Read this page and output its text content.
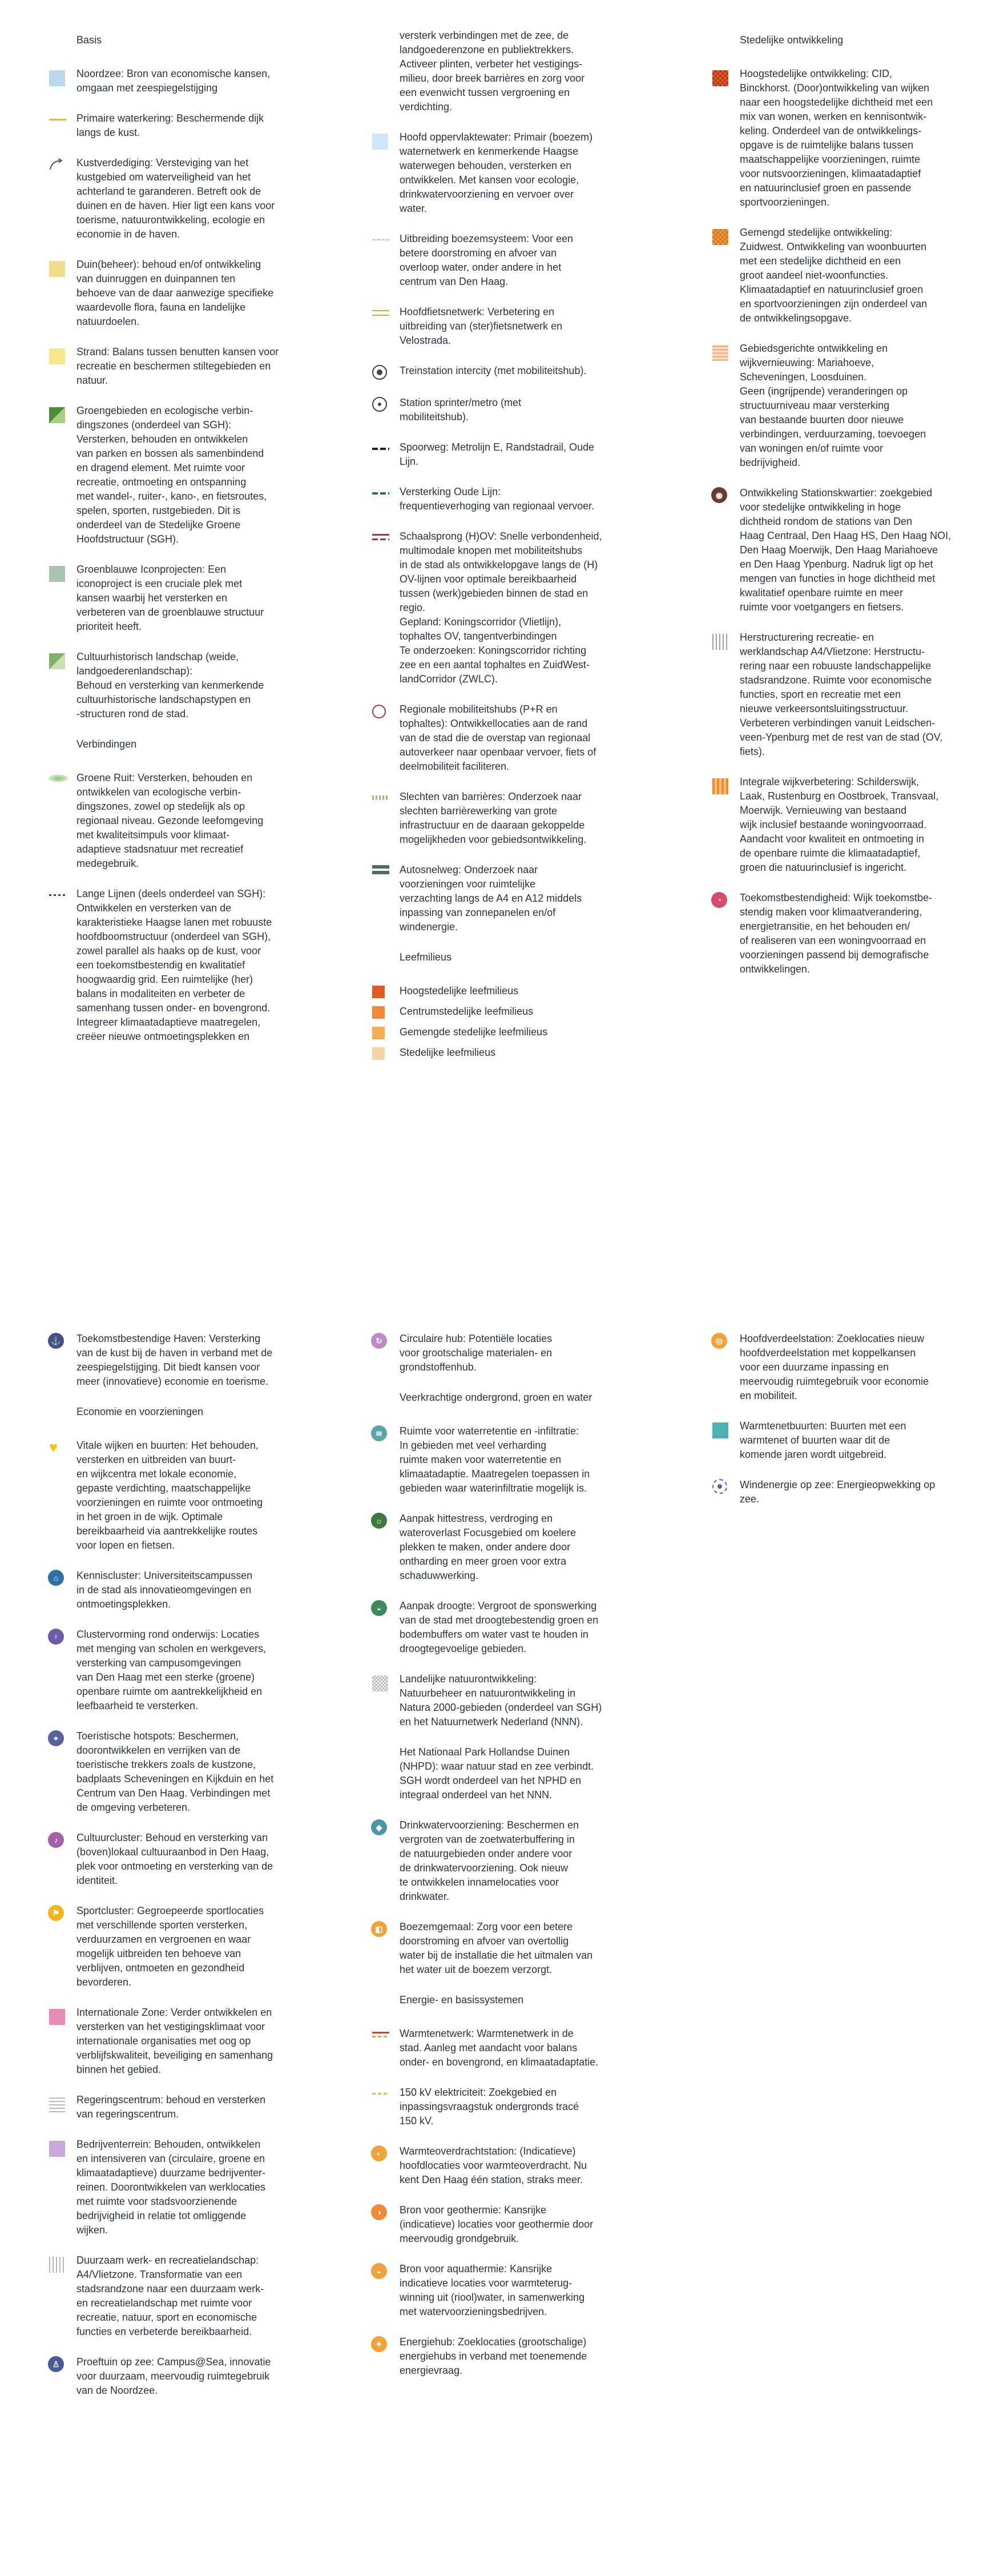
Basis
Noordzee: Bron van economische kansen,
omgaan met zeespiegelstijging
Primaire waterkering: Beschermende dijk
langs de kust.
Kustverdediging: Versteviging van het
kustgebied om waterveiligheid van het
achterland te garanderen. Betreft ook de
duinen en de haven. Hier ligt een kans voor
toerisme, natuurontwikkeling, ecologie en
economie in de haven.
Duin(beheer): behoud en/of ontwikkeling
van duinruggen en duinpannen ten
behoeve van de daar aanwezige specifieke
waardevolle flora, fauna en landelijke
natuurdoelen.
Strand: Balans tussen benutten kansen voor
recreatie en beschermen stiltegebieden en
natuur.
Groengebieden en ecologische verbin-
dingszones (onderdeel van SGH):
Versterken, behouden en ontwikkelen
van parken en bossen als samenbindend
en dragend element. Met ruimte voor
recreatie, ontmoeting en ontspanning
met wandel-, ruiter-, kano-, en fietsroutes,
spelen, sporten, rustgebieden. Dit is
onderdeel van de Stedelijke Groene
Hoofdstructuur (SGH).
Groenblauwe Iconprojecten: Een
iconoproject is een cruciale plek met
kansen waarbij het versterken en
verbeteren van de groenblauwe structuur
prioriteit heeft.
Cultuurhistorisch landschap (weide,
landgoederenlandschap):
Behoud en versterking van kenmerkende
cultuurhistorische landschapstypen en
-structuren rond de stad.
Verbindingen
Groene Ruit: Versterken, behouden en
ontwikkelen van ecologische verbin-
dingszones, zowel op stedelijk als op
regionaal niveau. Gezonde leefomgeving
met kwaliteitsimpuls voor klimaat-
adaptieve stadsnatuur met recreatief
medegebruik.
Lange Lijnen (deels onderdeel van SGH):
Ontwikkelen en versterken van de
karakteristieke Haagse lanen met robuuste
hoofdboomstructuur (onderdeel van SGH),
zowel parallel als haaks op de kust, voor
een toekomstbestendig en kwalitatief
hoogwaardig grid. Een ruimtelijke (her)
balans in modaliteiten en verbeter de
samenhang tussen onder- en bovengrond.
Integreer klimaatadaptieve maatregelen,
creëer nieuwe ontmoetingsplekken en
versterk verbindingen met de zee, de
landgoederenzone en publiektrekkers.
Activeer plinten, verbeter het vestigings-
milieu, door breek barrières en zorg voor
een evenwicht tussen vergroening en
verdichting.
Hoofd oppervlaktewater: Primair (boezem)
waternetwerk en kenmerkende Haagse
waterwegen behouden, versterken en
ontwikkelen. Met kansen voor ecologie,
drinkwatervoorziening en vervoer over
water.
Uitbreiding boezemsysteem: Voor een
betere doorstroming en afvoer van
overloop water, onder andere in het
centrum van Den Haag.
Hoofdfietsnetwerk: Verbetering en
uitbreiding van (ster)fietsnetwerk en
Velostrada.
Treinstation intercity (met mobiliteitshub).
Station sprinter/metro (met
mobiliteitshub).
Spoorweg: Metrolijn E, Randstadrail, Oude
Lijn.
Versterking Oude Lijn:
frequentieverhoging van regionaal vervoer.
Schaalsprong (H)OV: Snelle verbondenheid,
multimodale knopen met mobiliteitshubs
in de stad als ontwikkelopgave langs de (H)
OV-lijnen voor optimale bereikbaarheid
tussen (werk)gebieden binnen de stad en
regio.
Gepland: Koningscorridor (Vlietlijn),
tophaltes OV, tangentverbindingen
Te onderzoeken: Koningscorridor richting
zee en een aantal tophaltes en ZuidWest-
landCorridor (ZWLC).
Regionale mobiliteitshubs (P+R en
tophaltes): Ontwikkellocaties aan de rand
van de stad die de overstap van regionaal
autoverkeer naar openbaar vervoer, fiets of
deelmobiliteit faciliteren.
Slechten van barrières: Onderzoek naar
slechten barrièrewerking van grote
infrastructuur en de daaraan gekoppelde
mogelijkheden voor gebiedsontwikkeling.
Autosnelweg: Onderzoek naar
voorzieningen voor ruimtelijke
verzachting langs de A4 en A12 middels
inpassing van zonnepanelen en/of
windenergie.
Leefmilieus
Hoogstedelijke leefmilieus
Centrumstedelijke leefmilieus
Gemengde stedelijke leefmilieus
Stedelijke leefmilieus
Stedelijke ontwikkeling
Hoogstedelijke ontwikkeling: CID,
Binckhorst. (Door)ontwikkeling van wijken
naar een hoogstedelijke dichtheid met een
mix van wonen, werken en kennisontwik-
keling. Onderdeel van de ontwikkelings-
opgave is de ruimtelijke balans tussen
maatschappelijke voorzieningen, ruimte
voor nutsvoorzieningen, klimaatadaptief
en natuurinclusief groen en passende
sportvoorzieningen.
Gemengd stedelijke ontwikkeling:
Zuidwest. Ontwikkeling van woonbuurten
met een stedelijke dichtheid en een
groot aandeel niet-woonfuncties.
Klimaatadaptief en natuurinclusief groen
en sportvoorzieningen zijn onderdeel van
de ontwikkelingsopgave.
Gebiedsgerichte ontwikkeling en
wijkvernieuwing: Mariahoeve,
Scheveningen, Loosduinen.
Geen (ingrijpende) veranderingen op
structuurniveau maar versterking
van bestaande buurten door nieuwe
verbindingen, verduurzaming, toevoegen
van woningen en/of ruimte voor
bedrijvigheid.
◉	Ontwikkeling Stationskwartier: zoekgebied
voor stedelijke ontwikkeling in hoge
dichtheid rondom de stations van Den
Haag Centraal, Den Haag HS, Den Haag NOI,
Den Haag Moerwijk, Den Haag Mariahoeve
en Den Haag Ypenburg. Nadruk ligt op het
mengen van functies in hoge dichtheid met
kwalitatief openbare ruimte en meer
ruimte voor voetgangers en fietsers.
Herstructurering recreatie- en
werklandschap A4/Vlietzone: Herstructu-
rering naar een robuuste landschappelijke
stadsrandzone. Ruimte voor economische
functies, sport en recreatie met een
nieuwe verkeersontsluitingsstructuur.
Verbeteren verbindingen vanuit Leidschen-
veen-Ypenburg met de rest van de stad (OV,
fiets).
Integrale wijkverbetering: Schilderswijk,
Laak, Rustenburg en Oostbroek, Transvaal,
Moerwijk. Vernieuwing van bestaand
wijk inclusief bestaande woningvoorraad.
Aandacht voor kwaliteit en ontmoeting in
de openbare ruimte die klimaatadaptief,
groen die natuurinclusief is ingericht.
◔	Toekomstbestendigheid: Wijk toekomstbe-
stendig maken voor klimaatverandering,
energietransitie, en het behouden en/
of realiseren van een woningvoorraad en
voorzieningen passend bij demografische
ontwikkelingen.
⚓ Toekomstbestendige Haven: Versterking
van de kust bij de haven in verband met de
zeespiegelstijging. Dit biedt kansen voor
meer (innovatieve) economie en toerisme.
Economie en voorzieningen
♥ Vitale wijken en buurten: Het behouden,
versterken en uitbreiden van buurt-
en wijkcentra met lokale economie,
gepaste verdichting, maatschappelijke
voorzieningen en ruimte voor ontmoeting
in het groen in de wijk. Optimale
bereikbaarheid via aantrekkelijke routes
voor lopen en fietsen.
⌂	Kenniscluster: Universiteitscampussen
in de stad als innovatieomgevingen en
ontmoetingsplekken.
♀	Clustervorming rond onderwijs: Locaties
met menging van scholen en werkgevers,
versterking van campusomgevingen
van Den Haag met een sterke (groene)
openbare ruimte om aantrekkelijkheid en
leefbaarheid te versterken.
⌖	Toeristische hotspots: Beschermen,
doorontwikkelen en verrijken van de
toeristische trekkers zoals de kustzone,
badplaats Scheveningen en Kijkduin en het
Centrum van Den Haag. Verbindingen met
de omgeving verbeteren.
♪	Cultuurcluster: Behoud en versterking van
(boven)lokaal cultuuraanbod in Den Haag,
plek voor ontmoeting en versterking van de
identiteit.
⚑	Sportcluster: Gegroepeerde sportlocaties
met verschillende sporten versterken,
verduurzamen en vergroenen en waar
mogelijk uitbreiden ten behoeve van
verblijven, ontmoeten en gezondheid
bevorderen.
Internationale Zone: Verder ontwikkelen en
versterken van het vestigingsklimaat voor
internationale organisaties met oog op
verblijfskwaliteit, beveiliging en samenhang
binnen het gebied.
Regeringscentrum: behoud en versterken
van regeringscentrum.
Bedrijventerrein: Behouden, ontwikkelen
en intensiveren van (circulaire, groene en
klimaatadaptieve) duurzame bedrijventer-
reinen. Doorontwikkelen van werklocaties
met ruimte voor stadsvoorzienende
bedrijvigheid in relatie tot omliggende
wijken.
Duurzaam werk- en recreatielandschap:
A4/Vlietzone. Transformatie van een
stadsrandzone naar een duurzaam werk-
en recreatielandschap met ruimte voor
recreatie, natuur, sport en economische
functies en verbeterde bereikbaarheid.
♙	Proeftuin op zee: Campus@Sea, innovatie
voor duurzaam, meervoudig ruimtegebruik
van de Noordzee.
↻	Circulaire hub: Potentiële locaties
voor grootschalige materialen- en
grondstoffenhub.
Veerkrachtige ondergrond, groen en water
≋	Ruimte voor waterretentie en -infiltratie:
In gebieden met veel verharding
ruimte maken voor waterretentie en
klimaatadaptie. Maatregelen toepassen in
gebieden waar waterinfiltratie mogelijk is.
☼	Aanpak hittestress, verdroging en
wateroverlast Focusgebied om koelere
plekken te maken, onder andere door
ontharding en meer groen voor extra
schaduwwerking.
◒	Aanpak droogte: Vergroot de sponswerking
van de stad met droogtebestendig groen en
bodembuffers om water vast te houden in
droogtegevoelige gebieden.
Landelijke natuurontwikkeling:
Natuurbeheer en natuurontwikkeling in
Natura 2000-gebieden (onderdeel van SGH)
en het Natuurnetwerk Nederland (NNN).
Het Nationaal Park Hollandse Duinen
(NHPD): waar natuur stad en zee verbindt.
SGH wordt onderdeel van het NPHD en
integraal onderdeel van het NNN.
◆	Drinkwatervoorziening: Beschermen en
vergroten van de zoetwaterbuffering in
de natuurgebieden onder andere voor
de drinkwatervoorziening. Ook nieuw
te ontwikkelen innamelocaties voor
drinkwater.
◧	Boezemgemaal: Zorg voor een betere
doorstroming en afvoer van overtollig
water bij de installatie die het uitmalen van
het water uit de boezem verzorgt.
Energie- en basissystemen
Warmtenetwerk: Warmtenetwerk in de
stad. Aanleg met aandacht voor balans
onder- en bovengrond, en klimaatadaptatie.
150 kV elektriciteit: Zoekgebied en
inpassingsvraagstuk ondergronds tracé
150 kV.
◐	Warmteoverdrachtstation: (Indicatieve)
hoofdlocaties voor warmteoverdracht. Nu
kent Den Haag één station, straks meer.
◑	Bron voor geothermie: Kansrijke
(indicatieve) locaties voor geothermie door
meervoudig grondgebruik.
◒	Bron voor aquathermie: Kansrijke
indicatieve locaties voor warmteterug-
winning uit (riool)water, in samenwerking
met watervoorzieningsbedrijven.
✦	Energiehub: Zoeklocaties (grootschalige)
energiehubs in verband met toenemende
energievraag.
◎	Hoofdverdeelstation: Zoeklocaties nieuw
hoofdverdeelstation met koppelkansen
voor een duurzame inpassing en
meervoudig ruimtegebruik voor economie
en mobiliteit.
Warmtenetbuurten: Buurten met een
warmtenet of buurten waar dit de
komende jaren wordt uitgebreid.
Windenergie op zee: Energieopwekking op
zee.
